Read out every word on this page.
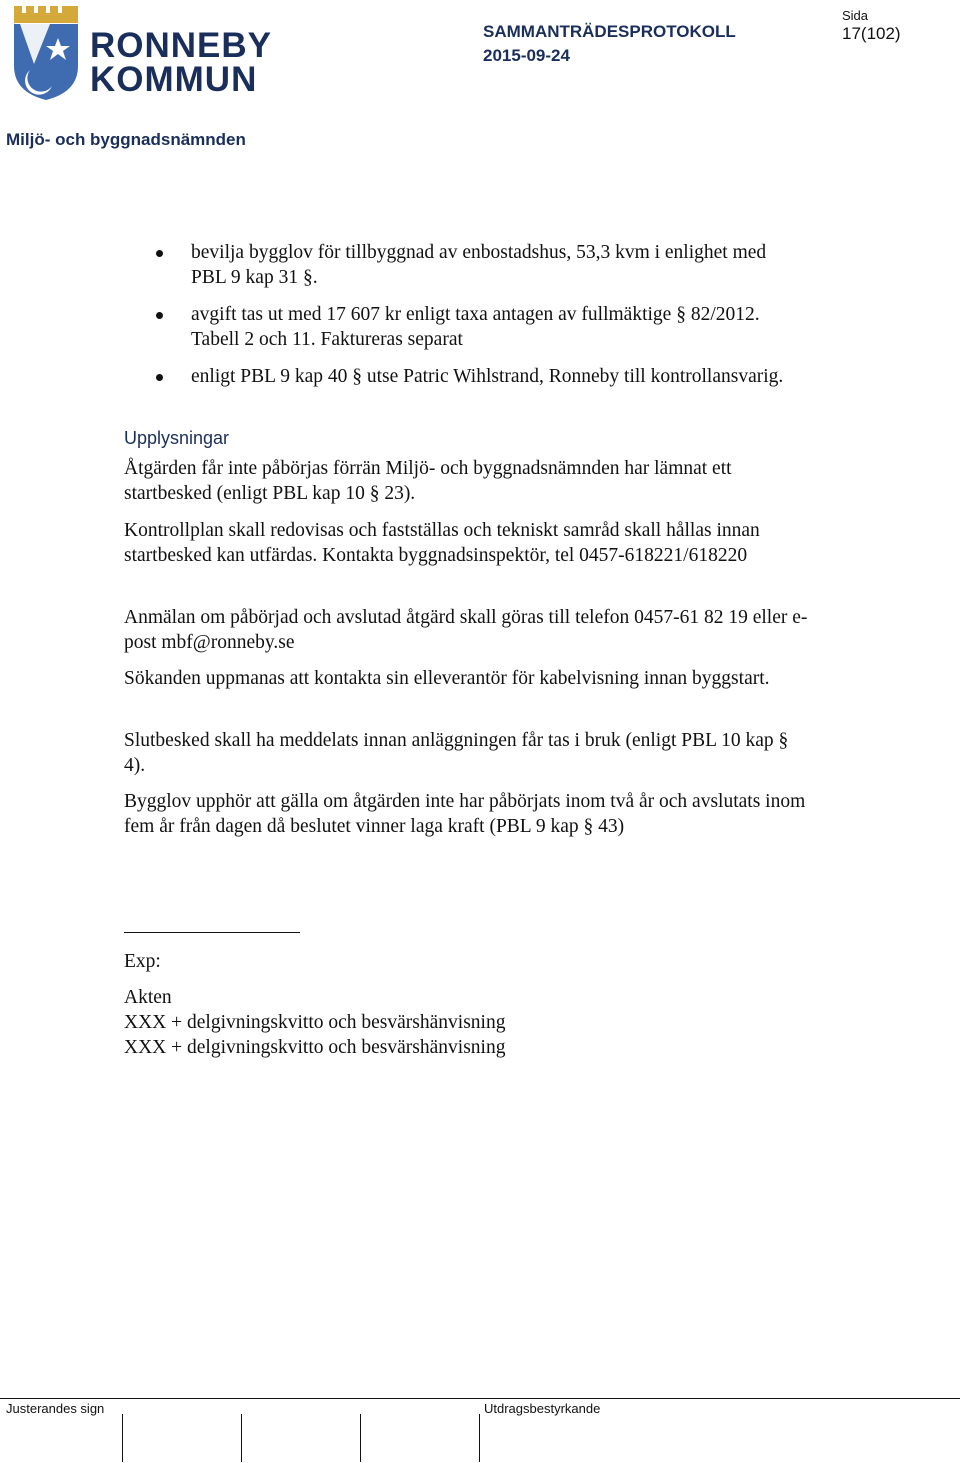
RONNEBY
KOMMUN
SAMMANTRÄDESPROTOKOLL
2015-09-24
Sida
17(102)
Miljö- och byggnadsnämnden
bevilja bygglov för tillbyggnad av enbostadshus, 53,3 kvm i enlighet med PBL 9 kap 31 §.
avgift tas ut med 17 607 kr enligt taxa antagen av fullmäktige § 82/2012. Tabell 2 och 11. Faktureras separat
enligt PBL 9 kap 40 § utse Patric Wihlstrand, Ronneby till kontrollansvarig.
Upplysningar

Åtgärden får inte påbörjas förrän Miljö- och byggnadsnämnden har lämnat ett startbesked (enligt PBL kap 10 § 23).

Kontrollplan skall redovisas och fastställas och tekniskt samråd skall hållas innan startbesked kan utfärdas. Kontakta byggnadsinspektör, tel 0457-618221/618220

Anmälan om påbörjad och avslutad åtgärd skall göras till telefon 0457-61 82 19 eller e-post mbf@ronneby.se

Sökanden uppmanas att kontakta sin elleverantör för kabelvisning innan byggstart.

Slutbesked skall ha meddelats innan anläggningen får tas i bruk (enligt PBL 10 kap § 4).

Bygglov upphör att gälla om åtgärden inte har påbörjats inom två år och avslutats inom fem år från dagen då beslutet vinner laga kraft (PBL 9 kap § 43)

Exp:

Akten

XXX + delgivningskvitto och besvärshänvisning

XXX + delgivningskvitto och besvärshänvisning

Justerandes sign	Utdragsbestyrkande
